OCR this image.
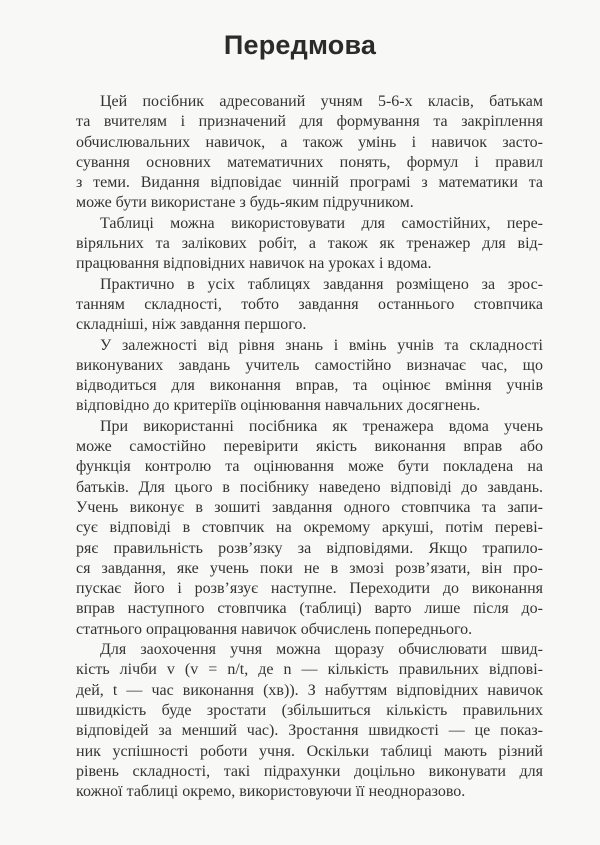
Передмова
Цей посібник адресований учням 5-6-х класів, батькам
та вчителям і призначений для формування та закріплення
обчислювальних навичок, а також умінь і навичок засто-
сування основних математичних понять, формул і правил
з теми. Видання відповідає чинній програмі з математики та
може бути використане з будь-яким підручником.
Таблиці можна використовувати для самостійних, пере-
віряльних та залікових робіт, а також як тренажер для від-
працювання відповідних навичок на уроках і вдома.
Практично в усіх таблицях завдання розміщено за зрос-
танням складності, тобто завдання останнього стовпчика
складніші, ніж завдання першого.
У залежності від рівня знань і вмінь учнів та складності
виконуваних завдань учитель самостійно визначає час, що
відводиться для виконання вправ, та оцінює вміння учнів
відповідно до критеріїв оцінювання навчальних досягнень.
При використанні посібника як тренажера вдома учень
може самостійно перевірити якість виконання вправ або
функція контролю та оцінювання може бути покладена на
батьків. Для цього в посібнику наведено відповіді до завдань.
Учень виконує в зошиті завдання одного стовпчика та запи-
сує відповіді в стовпчик на окремому аркуші, потім переві-
ряє правильність розв’язку за відповідями. Якщо трапило-
ся завдання, яке учень поки не в змозі розв’язати, він про-
пускає його і розв’язує наступне. Переходити до виконання
вправ наступного стовпчика (таблиці) варто лише після до-
статнього опрацювання навичок обчислень попереднього.
Для заохочення учня можна щоразу обчислювати швид-
кість лічби v (v = n/t, де n — кількість правильних відпові-
дей, t — час виконання (хв)). З набуттям відповідних навичок
швидкість буде зростати (збільшиться кількість правильних
відповідей за менший час). Зростання швидкості — це показ-
ник успішності роботи учня. Оскільки таблиці мають різний
рівень складності, такі підрахунки доцільно виконувати для
кожної таблиці окремо, використовуючи її неодноразово.
